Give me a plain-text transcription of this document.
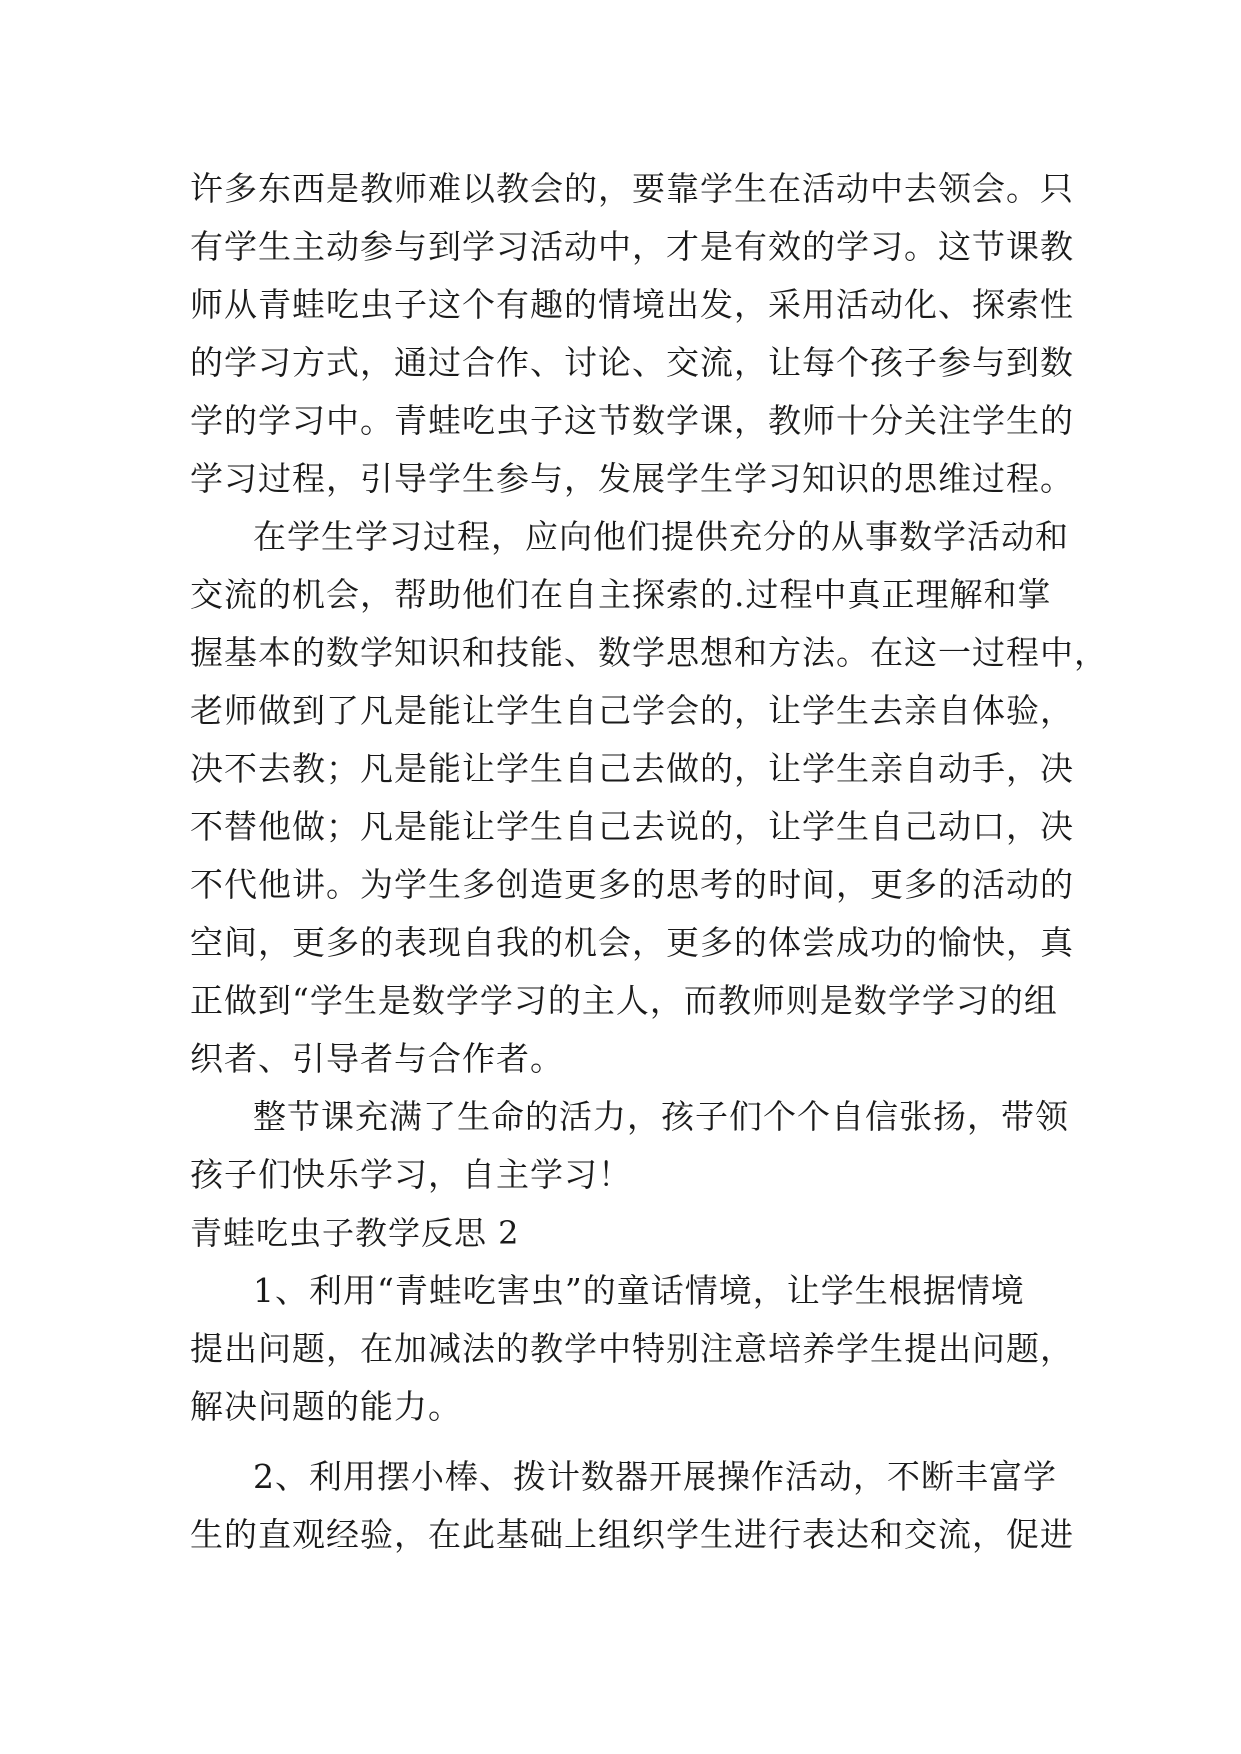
许多东西是教师难以教会的，要靠学生在活动中去领会。只
有学生主动参与到学习活动中，才是有效的学习。这节课教
师从青蛙吃虫子这个有趣的情境出发，采用活动化、探索性
的学习方式，通过合作、讨论、交流，让每个孩子参与到数
学的学习中。青蛙吃虫子这节数学课，教师十分关注学生的
学习过程，引导学生参与，发展学生学习知识的思维过程。
在学生学习过程，应向他们提供充分的从事数学活动和
交流的机会，帮助他们在自主探索的.过程中真正理解和掌
握基本的数学知识和技能、数学思想和方法。在这一过程中，
老师做到了凡是能让学生自己学会的，让学生去亲自体验，
决不去教；凡是能让学生自己去做的，让学生亲自动手，决
不替他做；凡是能让学生自己去说的，让学生自己动口，决
不代他讲。为学生多创造更多的思考的时间，更多的活动的
空间，更多的表现自我的机会，更多的体尝成功的愉快，真
正做到“学生是数学学习的主人，而教师则是数学学习的组
织者、引导者与合作者。
整节课充满了生命的活力，孩子们个个自信张扬，带领
孩子们快乐学习，自主学习！
青蛙吃虫子教学反思 2
1、利用“青蛙吃害虫”的童话情境，让学生根据情境
提出问题，在加减法的教学中特别注意培养学生提出问题，
解决问题的能力。
2、利用摆小棒、拨计数器开展操作活动，不断丰富学
生的直观经验，在此基础上组织学生进行表达和交流，促进
